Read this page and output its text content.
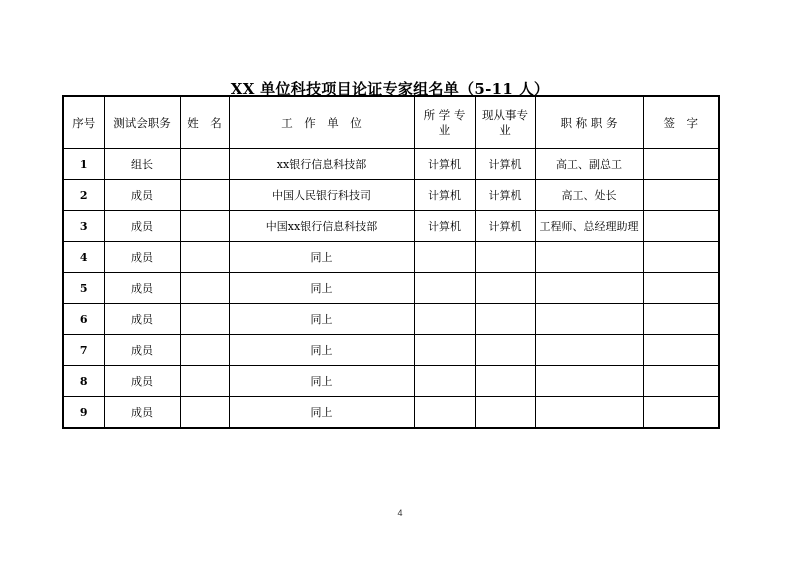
XX 单位科技项目论证专家组名单（5-11 人）
序号	测试会职务	姓　名	工　作　单　位	所 学 专 业	现从事专 业	职 称 职 务	签　字
1	组长		xx银行信息科技部	计算机	计算机	高工、副总工	
2	成员		中国人民银行科技司	计算机	计算机	高工、处长	
3	成员		中国xx银行信息科技部	计算机	计算机	工程师、总经理助理	
4	成员		同上				
5	成员		同上				
6	成员		同上				
7	成员		同上				
8	成员		同上				
9	成员		同上				
4
